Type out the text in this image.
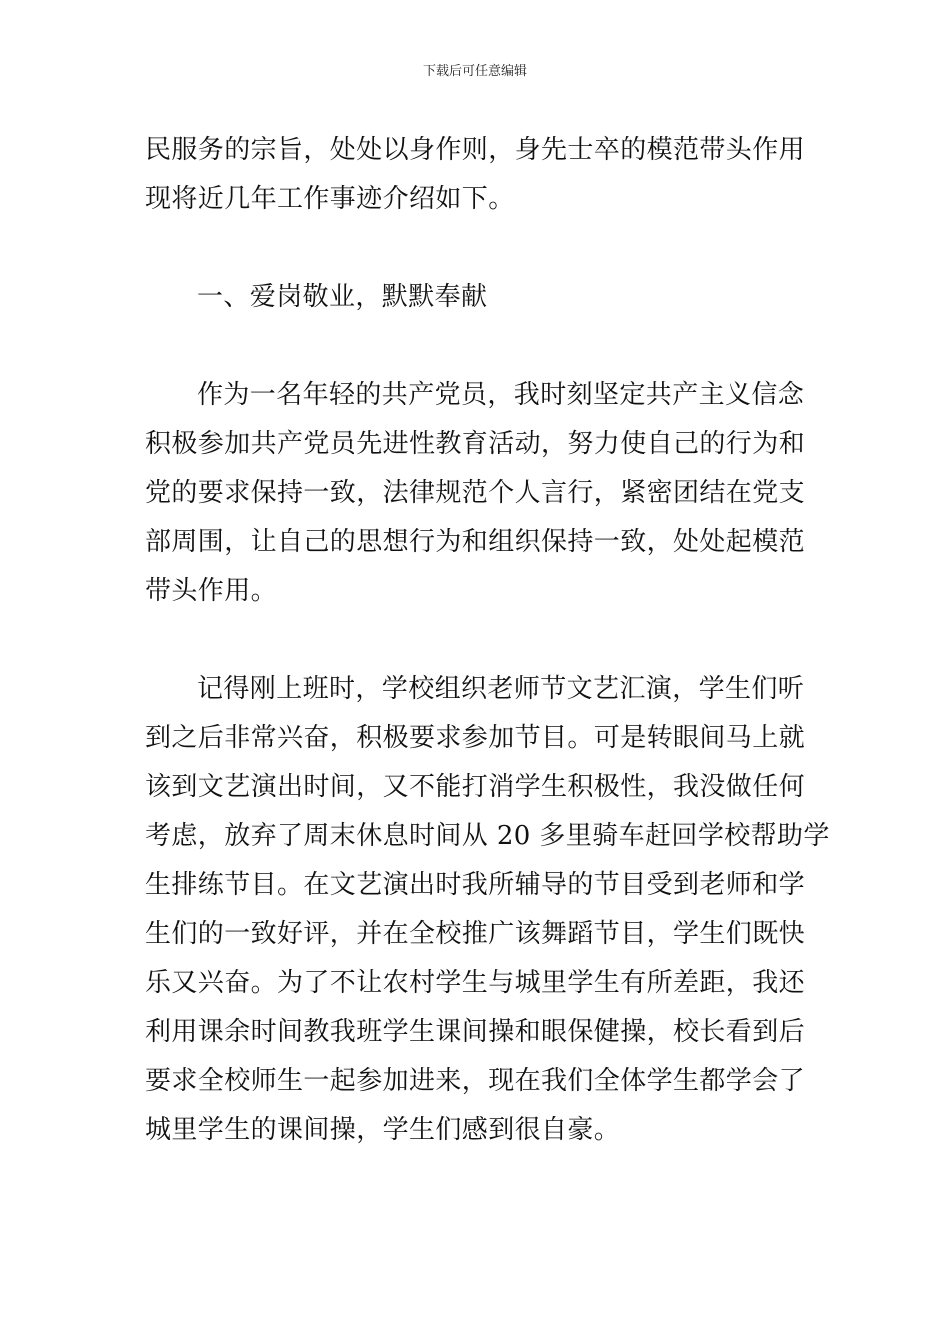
下载后可任意编辑
民服务的宗旨，处处以身作则，身先士卒的模范带头作用
现将近几年工作事迹介绍如下。
一、爱岗敬业，默默奉献
作为一名年轻的共产党员，我时刻坚定共产主义信念
积极参加共产党员先进性教育活动，努力使自己的行为和
党的要求保持一致，法律规范个人言行，紧密团结在党支
部周围，让自己的思想行为和组织保持一致，处处起模范
带头作用。
记得刚上班时，学校组织老师节文艺汇演，学生们听
到之后非常兴奋，积极要求参加节目。可是转眼间马上就
该到文艺演出时间，又不能打消学生积极性，我没做任何
考虑，放弃了周末休息时间从 20 多里骑车赶回学校帮助学
生排练节目。在文艺演出时我所辅导的节目受到老师和学
生们的一致好评，并在全校推广该舞蹈节目，学生们既快
乐又兴奋。为了不让农村学生与城里学生有所差距，我还
利用课余时间教我班学生课间操和眼保健操，校长看到后
要求全校师生一起参加进来，现在我们全体学生都学会了
城里学生的课间操，学生们感到很自豪。
